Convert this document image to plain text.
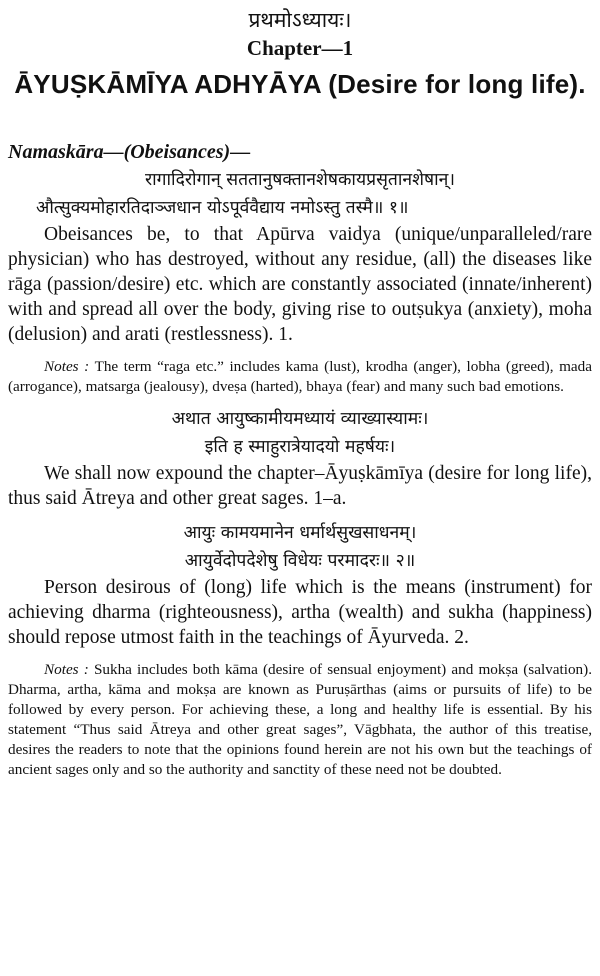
प्रथमोऽध्यायः।
Chapter—1
ĀYUṢKĀMĪYA ADHYĀYA (Desire for long life).
Namaskāra—(Obeisances)—
रागादिरोगान् सततानुषक्तानशेषकायप्रसृतानशेषान्।
औत्सुक्यमोहारतिदाञ्जधान योऽपूर्ववैद्याय नमोऽस्तु तस्मै॥ १॥

Obeisances be, to that Apūrva vaidya (unique/unparalleled/rare physician) who has destroyed, without any residue, (all) the diseases like rāga (passion/desire) etc. which are constantly associated (innate/inherent) with and spread all over the body, giving rise to outṣukya (anxiety), moha (delusion) and arati (restlessness). 1.

Notes : The term “raga etc.” includes kama (lust), krodha (anger), lobha (greed), mada (arrogance), matsarga (jealousy), dveṣa (harted), bhaya (fear) and many such bad emotions.

अथात आयुष्कामीयमध्यायं व्याख्यास्यामः।
इति ह स्माहुरात्रेयादयो महर्षयः।

We shall now expound the chapter–Āyuṣkāmīya (desire for long life), thus said Ātreya and other great sages. 1–a.

आयुः कामयमानेन धर्मार्थसुखसाधनम्।
आयुर्वेदोपदेशेषु विधेयः परमादरः॥ २॥

Person desirous of (long) life which is the means (instrument) for achieving dharma (righteousness), artha (wealth) and sukha (happiness) should repose utmost faith in the teachings of Āyurveda. 2.

Notes : Sukha includes both kāma (desire of sensual enjoyment) and mokṣa (salvation). Dharma, artha, kāma and mokṣa are known as Puruṣārthas (aims or pursuits of life) to be followed by every person. For achieving these, a long and healthy life is essential. By his statement “Thus said Ātreya and other great sages”, Vāgbhata, the author of this treatise, desires the readers to note that the opinions found herein are not his own but the teachings of ancient sages only and so the authority and sanctity of these need not be doubted.
